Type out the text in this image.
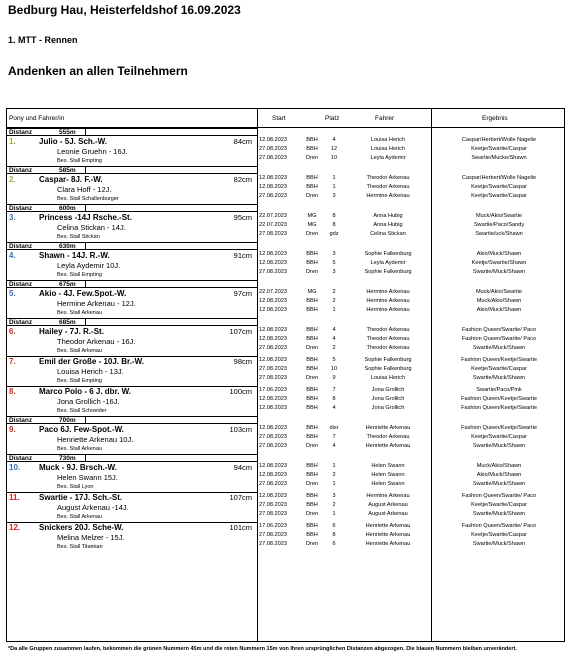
Bedburg Hau, Heisterfeldshof 16.09.2023
1. MTT - Rennen
Andenken an allen Teilnehmern
Pony und Fahrer/in	Start	Platz	Fahrer	Ergebnis
Distanz	555m
1.	Julio - 5J. Sch.-W.	84cm
Leonie Gruehn - 16J.
Bes. Stall Empting
12.08.2023	BBH	4	Louisa Herich	Caspar/Herbert/Wolle Nagelie
27.08.2023	BBH	12	Louisa Herich	Keetje/Swartie/Caspar
27.08.2023	Dren	10	Leyla Aydemir	Swartie/Mucke/Shawn
Distanz	585m
2.	Caspar- 8J. F.-W.	82cm
Clara Hoff - 12J.
Bes. Stall Schallenburger
12.08.2023	BBH	1	Theodor Arkenau	Caspar/Herbert/Wolle Nagelie
12.08.2023	BBH	1	Theodor Arkenau	Keetje/Swartie/Caspar
27.08.2023	Dren	3	Hermine Arkenau	Keetje/Swartie/Caspar
Distanz	600m
3.	Princess -14J Rsche.-St.	95cm
Celina Stickan - 14J.
Bes. Stall Stickan
22.07.2023	MG	8	Anna Hubig	Muck/Akio/Swartie
22.07.2023	MG	8	Anna Hubig	Swartie/Paco/Sandy
27.08.2023	Dren	gdz	Celina Stickan	Swartie/uck/Shawn
Distanz	630m
4.	Shawn - 14J. R.-W.	91cm
Leyla Aydemir 10J.
Bes. Stall Empting
12.08.2023	BBH	3	Sophie Falkenburg	Akio/Muck/Shawn
12.08.2023	BBH	5	Leyla Aydemir	Keetje/Swartie/Shawn
27.08.2023	Dren	3	Sophie Falkenburg	Swartie/Muck/Shawn
Distanz	675m
5.	Akio - 4J. Few.Spot.-W.	97cm
Hermine Arkenau - 12J.
Bes. Stall Arkenau
22.07.2023	MG	2	Hermine Arkenau	Muck/Akio/Swartie
12.08.2023	BBH	2	Hermine Arkenau	Muck/Akio/Shawn
12.08.2023	BBH	1	Hermine Arkenau	Akio/Muck/Shawn
Distanz	685m
6.	Hailey - 7J. R.-St.	107cm
Theodor Arkenau - 16J.
Bes. Stall Arkenau
12.08.2023	BBH	4	Theodor Arkenau	Fashion Queen/Swartie/ Paco
12.08.2023	BBH	4	Theodor Arkenau	Fashion Queen/Swartie/ Paco
27.08.2023	Dren	2	Theodor Arkenau	Swartie/Muck/Shawn
7.	Emil der Große - 10J. Br.-W.	98cm
Louisa Herich - 13J.
Bes. Stall Empting
12.08.2023	BBH	5	Sophie Falkenburg	Fashion Queen/Keetje/Swartie
27.08.2023	BBH	10	Sophie Falkenburg	Keetje/Swartie/Caspar
27.08.2023	Dren	9	Louisa Herich	Swartie/Muck/Shawn
8.	Marco Polo - 6 J. dbr. W.	100cm
Jona Grollich -16J.
Bes. Stall Schneider
17.06.2023	BBH	7	Jona Grollich	Swartie/Paco/Pink
12.08.2023	BBH	8	Jona Grollich	Fashion Queen/Keetje/Swartie
12.08.2023	BBH	4	Jona Grollich	Fashion Queen/Keetje/Swartie
Distanz	700m
9.	Paco 6J. Few-Spot.-W.	103cm
Henriette Arkenau 10J.
Bes. Stall Arkenau
12.08.2023	BBH	disr	Henriette Arkenau	Fashion Queen/Keetje/Swartie
27.08.2023	BBH	7	Theodor Arkenau	Keetje/Swartie/Caspar
27.08.2023	Dren	4	Henriette Arkenau	Swartie/Muck/Shawn
Distanz	730m
10. Muck - 9J. Brsch.-W.	94cm
Helen Swann 15J.
Bes. Stall Lyon
12.08.2023	BBH	1	Helen Swann	Muck/Akio/Shawn
12.08.2023	BBH	2	Helen Swann	Akio/Muck/Shawn
27.08.2023	Dren	1	Helen Swann	Swartie/Muck/Shawn
11. Swartie - 17J. Sch.-St.	107cm
August Arkenau -14J.
Bes. Stall Arkenau
12.08.2023	BBH	3	Hermine Arkenau	Fashion Queen/Swartie/ Paco
27.08.2023	BBH	2	August Arkenau	Keetje/Swartie/Caspar
27.08.2023	Dren	1	August Arkenau	Swartie/Muck/Shawn
12. Snickers 20J. Sche-W.	101cm
Melina Melzer - 15J.
Bes. Stall Titamian
17.06.2023	BBH	6	Henriette Arkenau	Fashion Queen/Swartie/ Paco
27.08.2023	BBH	8	Henriette Arkenau	Keetje/Swartie/Caspar
27.08.2023	Dren	6	Henriette Arkenau	Swartie/Muck/Shawn
*Da alle Gruppen zusammen laufen, bekommen die grünen Nummern 45m und die roten Nummern 15m von Ihren ursprünglichen Distanzen abgezogen. Die blauen Nummern bleiben unverändert.
